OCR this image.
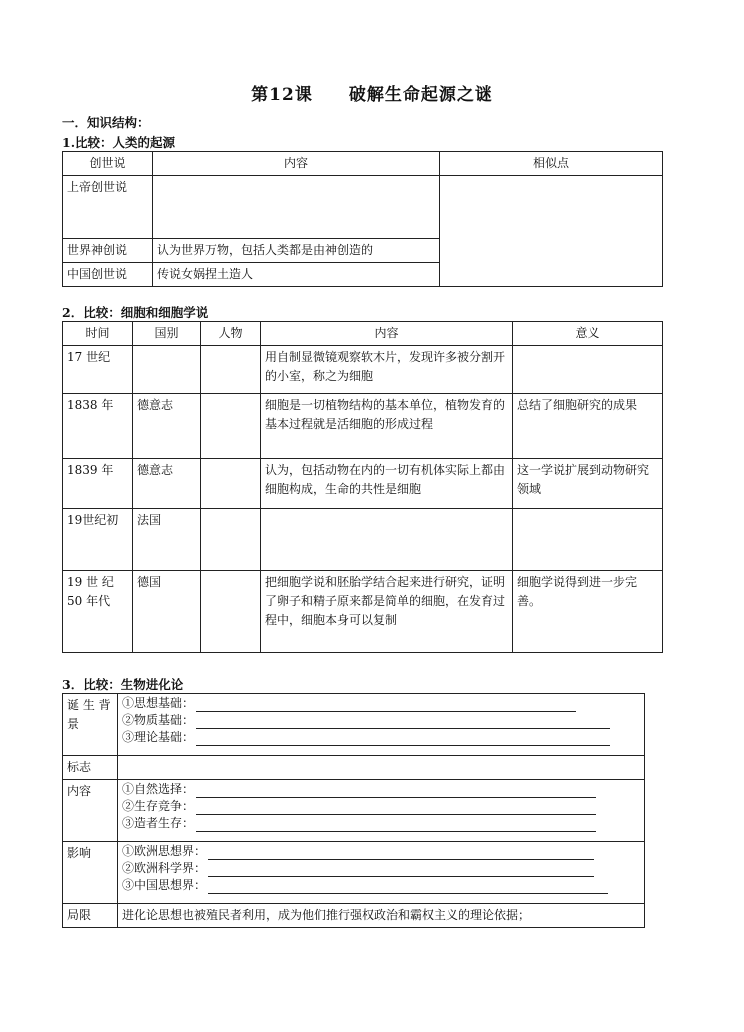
第12课 破解生命起源之谜
一．知识结构：
1.比较：人类的起源
创世说	内容	相似点
上帝创世说		
世界神创说	认为世界万物，包括人类都是由神创造的	
中国创世说	传说女娲捏土造人	
2．比较：细胞和细胞学说
时间	国别	人物	内容	意义
17 世纪			用自制显微镜观察软木片，发现许多被分割开的小室，称之为细胞	
1838 年	德意志		细胞是一切植物结构的基本单位，植物发育的基本过程就是活细胞的形成过程	总结了细胞研究的成果
1839 年	德意志		认为，包括动物在内的一切有机体实际上都由细胞构成，生命的共性是细胞	这一学说扩展到动物研究领域
19世纪初	法国			
19 世 纪 50 年代	德国		把细胞学说和胚胎学结合起来进行研究，证明了卵子和精子原来都是简单的细胞，在发育过程中，细胞本身可以复制	细胞学说得到进一步完善。
3．比较：生物进化论
诞 生 背景	①思想基础：
②物质基础：
③理论基础：

标志	
内容	①自然选择：
②生存竞争：
③造者生存：

影响	①欧洲思想界：
②欧洲科学界：
③中国思想界：

局限	进化论思想也被殖民者利用，成为他们推行强权政治和霸权主义的理论依据；
